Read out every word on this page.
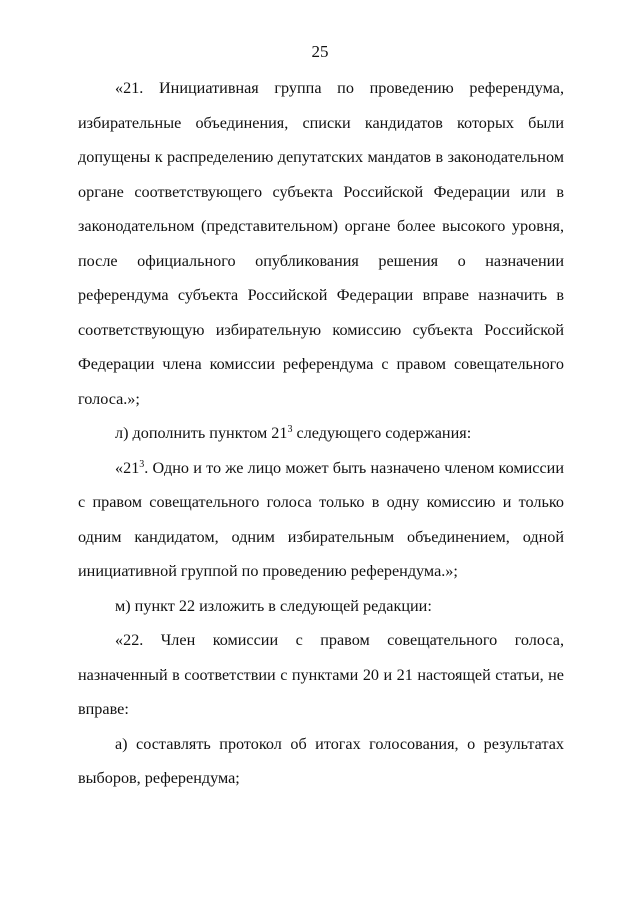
25

«21. Инициативная группа по проведению референдума, избирательные объединения, списки кандидатов которых были допущены к распределению депутатских мандатов в законодательном органе соответствующего субъекта Российской Федерации или в законодательном (представительном) органе более высокого уровня, после официального опубликования решения о назначении референдума субъекта Российской Федерации вправе назначить в соответствующую избирательную комиссию субъекта Российской Федерации члена комиссии референдума с правом совещательного голоса.»;

л) дополнить пунктом $21^3$ следующего содержания:

«$21^3$. Одно и то же лицо может быть назначено членом комиссии с правом совещательного голоса только в одну комиссию и только одним кандидатом, одним избирательным объединением, одной инициативной группой по проведению референдума.»;

м) пункт 22 изложить в следующей редакции:

«22. Член комиссии с правом совещательного голоса, назначенный в соответствии с пунктами 20 и 21 настоящей статьи, не вправе:

а) составлять протокол об итогах голосования, о результатах выборов, референдума;
